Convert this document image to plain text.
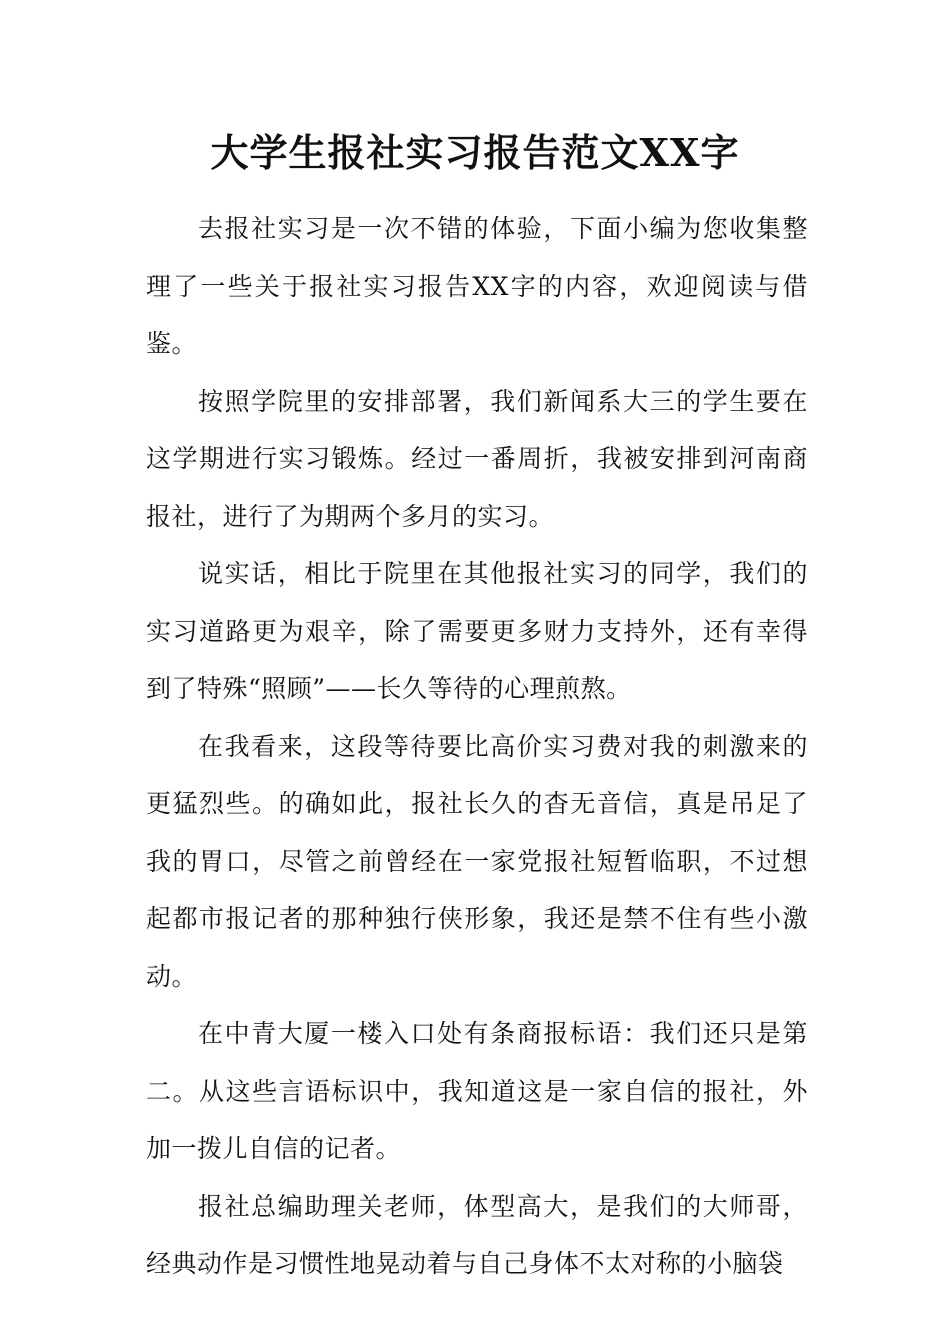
大学生报社实习报告范文XX字

去报社实习是一次不错的体验，下面小编为您收集整理了一些关于报社实习报告XX字的内容，欢迎阅读与借鉴。

按照学院里的安排部署，我们新闻系大三的学生要在这学期进行实习锻炼。经过一番周折，我被安排到河南商报社，进行了为期两个多月的实习。

说实话，相比于院里在其他报社实习的同学，我们的实习道路更为艰辛，除了需要更多财力支持外，还有幸得到了特殊“照顾”——长久等待的心理煎熬。

在我看来，这段等待要比高价实习费对我的刺激来的更猛烈些。的确如此，报社长久的杳无音信，真是吊足了我的胃口，尽管之前曾经在一家党报社短暂临职，不过想起都市报记者的那种独行侠形象，我还是禁不住有些小激动。

在中青大厦一楼入口处有条商报标语：我们还只是第二。从这些言语标识中，我知道这是一家自信的报社，外加一拨儿自信的记者。

报社总编助理关老师，体型高大，是我们的大师哥，经典动作是习惯性地晃动着与自己身体不太对称的小脑袋
